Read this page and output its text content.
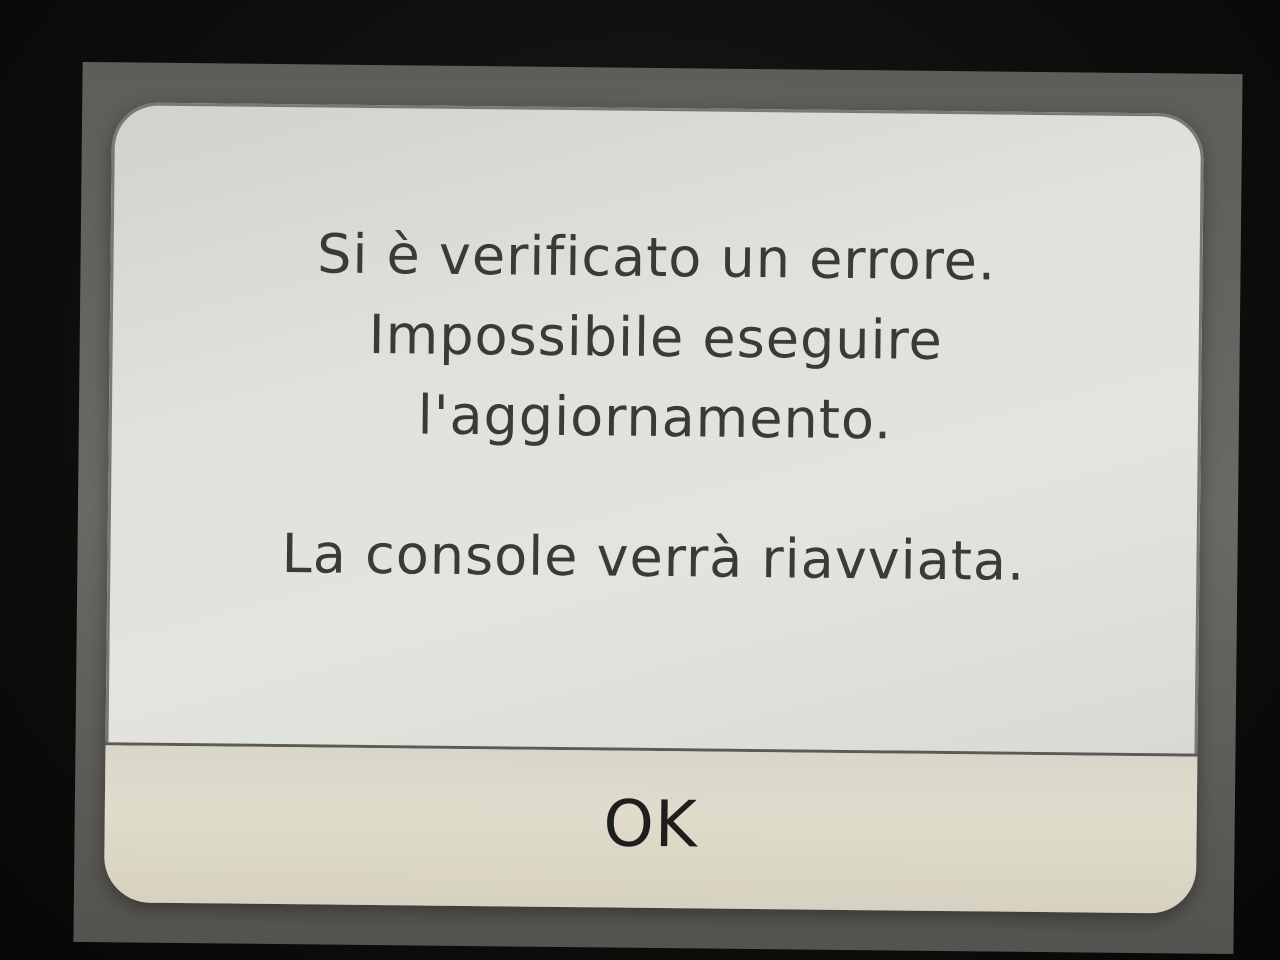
Si è verificato un errore.
Impossibile eseguire
l'aggiornamento.
La console verrà riavviata.
OK
